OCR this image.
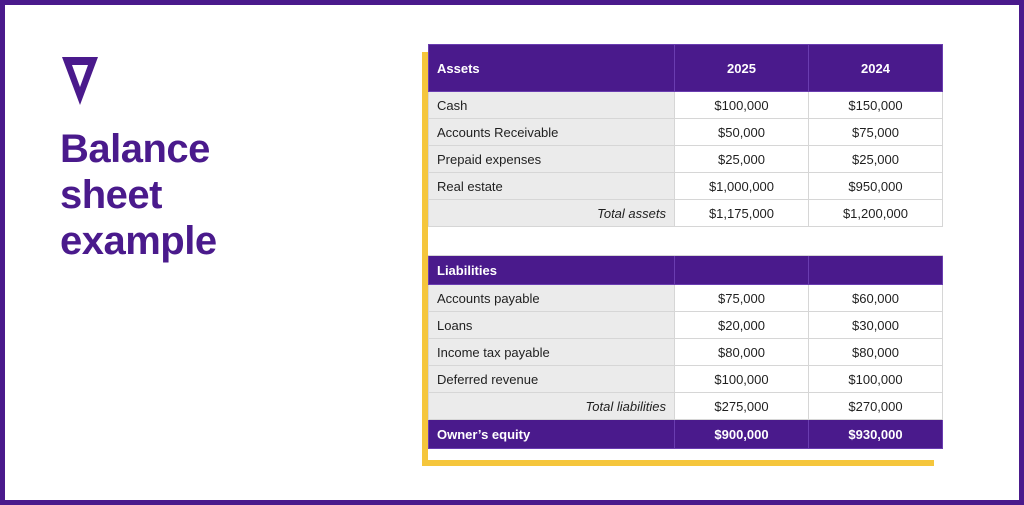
Balance
sheet
example
Assets	2025	2024
Cash	$100,000	$150,000
Accounts Receivable	$50,000	$75,000
Prepaid expenses	$25,000	$25,000
Real estate	$1,000,000	$950,000
Total assets	$1,175,000	$1,200,000

Liabilities		
Accounts payable	$75,000	$60,000
Loans	$20,000	$30,000
Income tax payable	$80,000	$80,000
Deferred revenue	$100,000	$100,000
Total liabilities	$275,000	$270,000
Owner’s equity	$900,000	$930,000
